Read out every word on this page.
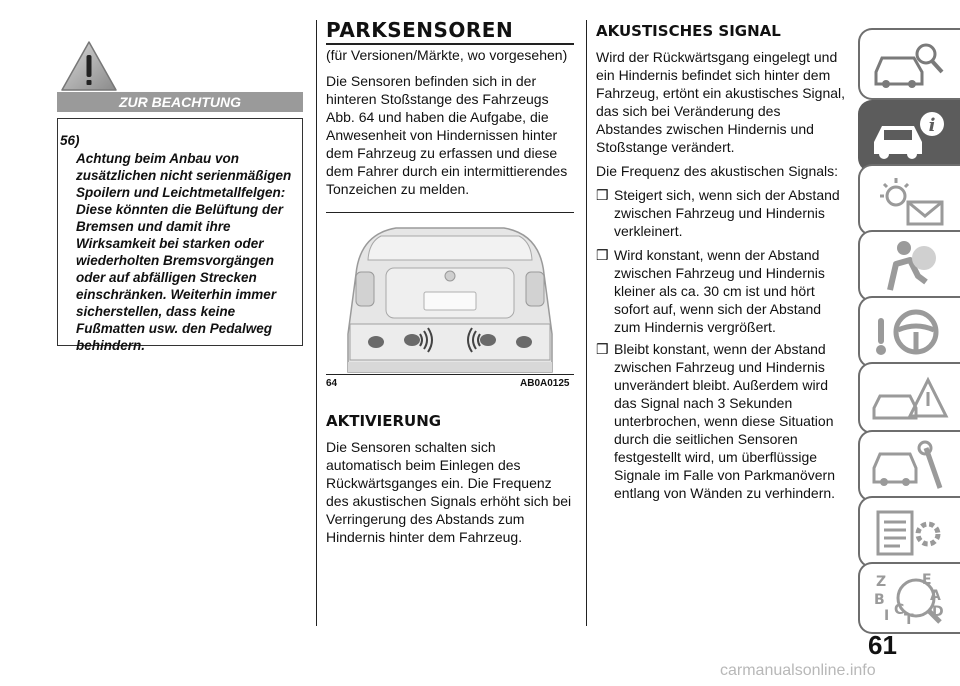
ZUR BEACHTUNG
56)
Achtung beim Anbau von
zusätzlichen nicht serienmäßigen
Spoilern und Leichtmetallfelgen:
Diese könnten die Belüftung der
Bremsen und damit ihre
Wirksamkeit bei starken oder
wiederholten Bremsvorgängen
oder auf abfälligen Strecken
einschränken. Weiterhin immer
sicherstellen, dass keine
Fußmatten usw. den Pedalweg
behindern.
PARKSENSOREN
(für Versionen/Märkte, wo vorgesehen)
Die Sensoren befinden sich in der
hinteren Stoßstange des Fahrzeugs
Abb. 64 und haben die Aufgabe, die
Anwesenheit von Hindernissen hinter
dem Fahrzeug zu erfassen und diese
dem Fahrer durch ein intermittierendes
Tonzeichen zu melden.
64	AB0A0125
AKTIVIERUNG
Die Sensoren schalten sich
automatisch beim Einlegen des
Rückwärtsganges ein. Die Frequenz
des akustischen Signals erhöht sich bei
Verringerung des Abstands zum
Hindernis hinter dem Fahrzeug.
AKUSTISCHES SIGNAL
Wird der Rückwärtsgang eingelegt und
ein Hindernis befindet sich hinter dem
Fahrzeug, ertönt ein akustisches Signal,
das sich bei Veränderung des
Abstandes zwischen Hindernis und
Stoßstange verändert.
Die Frequenz des akustischen Signals:
❒ Steigert sich, wenn sich der Abstand
zwischen Fahrzeug und Hindernis
verkleinert.

❒ Wird konstant, wenn der Abstand
zwischen Fahrzeug und Hindernis
kleiner als ca. 30 cm ist und hört
sofort auf, wenn sich der Abstand
zum Hindernis vergrößert.

❒ Bleibt konstant, wenn der Abstand
zwischen Fahrzeug und Hindernis
unverändert bleibt. Außerdem wird
das Signal nach 3 Sekunden
unterbrochen, wenn diese Situation
durch die seitlichen Sensoren
festgestellt wird, um überflüssige
Signale im Falle von Parkmanövern
entlang von Wänden zu verhindern.

i
Z	E
A
B
C D
T
I
61
carmanualsonline.info
